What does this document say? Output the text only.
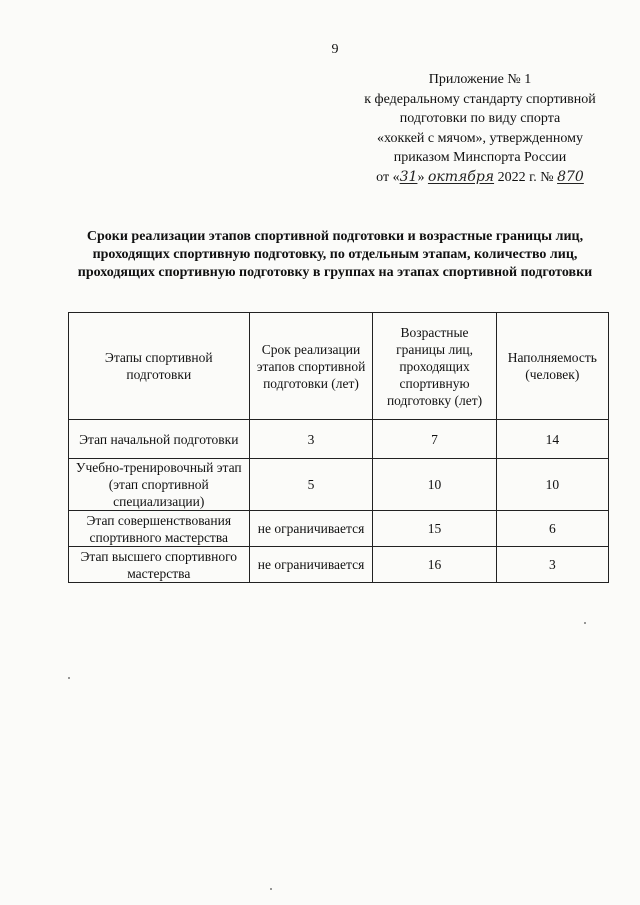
9
Приложение № 1
к федеральному стандарту спортивной
подготовки по виду спорта
«хоккей с мячом», утвержденному
приказом Минспорта России
от «31» октября 2022 г. № 870
Сроки реализации этапов спортивной подготовки и возрастные границы лиц, проходящих спортивную подготовку, по отдельным этапам, количество лиц, проходящих спортивную подготовку в группах на этапах спортивной подготовки
Этапы спортивной подготовки	Срок реализации этапов спортивной подготовки (лет)	Возрастные границы лиц, проходящих спортивную подготовку (лет)	Наполняемость (человек)
Этап начальной подготовки	3	7	14
Учебно-тренировочный этап (этап спортивной специализации)	5	10	10
Этап совершенствования спортивного мастерства	не ограничивается	15	6
Этап высшего спортивного мастерства	не ограничивается	16	3
